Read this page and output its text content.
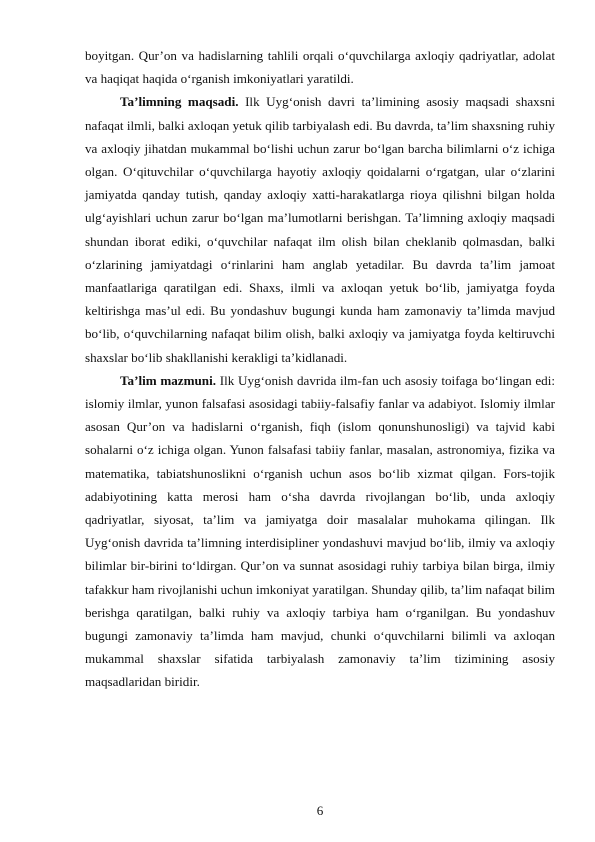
boyitgan. Qur’on va hadislarning tahlili orqali o‘quvchilarga axloqiy qadriyatlar, adolat va haqiqat haqida o‘rganish imkoniyatlari yaratildi.

Ta’limning maqsadi. Ilk Uyg‘onish davri ta’limining asosiy maqsadi shaxsni nafaqat ilmli, balki axloqan yetuk qilib tarbiyalash edi. Bu davrda, ta’lim shaxsning ruhiy va axloqiy jihatdan mukammal bo‘lishi uchun zarur bo‘lgan barcha bilimlarni o‘z ichiga olgan. O‘qituvchilar o‘quvchilarga hayotiy axloqiy qoidalarni o‘rgatgan, ular o‘zlarini jamiyatda qanday tutish, qanday axloqiy xatti-harakatlarga rioya qilishni bilgan holda ulg‘ayishlari uchun zarur bo‘lgan ma’lumotlarni berishgan. Ta’limning axloqiy maqsadi shundan iborat ediki, o‘quvchilar nafaqat ilm olish bilan cheklanib qolmasdan, balki o‘zlarining jamiyatdagi o‘rinlarini ham anglab yetadilar. Bu davrda ta’lim jamoat manfaatlariga qaratilgan edi. Shaxs, ilmli va axloqan yetuk bo‘lib, jamiyatga foyda keltirishga mas’ul edi. Bu yondashuv bugungi kunda ham zamonaviy ta’limda mavjud bo‘lib, o‘quvchilarning nafaqat bilim olish, balki axloqiy va jamiyatga foyda keltiruvchi shaxslar bo‘lib shakllanishi kerakligi ta’kidlanadi.

Ta’lim mazmuni. Ilk Uyg‘onish davrida ilm-fan uch asosiy toifaga bo‘lingan edi: islomiy ilmlar, yunon falsafasi asosidagi tabiiy-falsafiy fanlar va adabiyot. Islomiy ilmlar asosan Qur’on va hadislarni o‘rganish, fiqh (islom qonunshunosligi) va tajvid kabi sohalarni o‘z ichiga olgan. Yunon falsafasi tabiiy fanlar, masalan, astronomiya, fizika va matematika, tabiatshunoslikni o‘rganish uchun asos bo‘lib xizmat qilgan. Fors-tojik adabiyotining katta merosi ham o‘sha davrda rivojlangan bo‘lib, unda axloqiy qadriyatlar, siyosat, ta’lim va jamiyatga doir masalalar muhokama qilingan. Ilk Uyg‘onish davrida ta’limning interdisipliner yondashuvi mavjud bo‘lib, ilmiy va axloqiy bilimlar bir-birini to‘ldirgan. Qur’on va sunnat asosidagi ruhiy tarbiya bilan birga, ilmiy tafakkur ham rivojlanishi uchun imkoniyat yaratilgan. Shunday qilib, ta’lim nafaqat bilim berishga qaratilgan, balki ruhiy va axloqiy tarbiya ham o‘rganilgan. Bu yondashuv bugungi zamonaviy ta’limda ham mavjud, chunki o‘quvchilarni bilimli va axloqan mukammal shaxslar sifatida tarbiyalash zamonaviy ta’lim tizimining asosiy maqsadlaridan biridir.

6
